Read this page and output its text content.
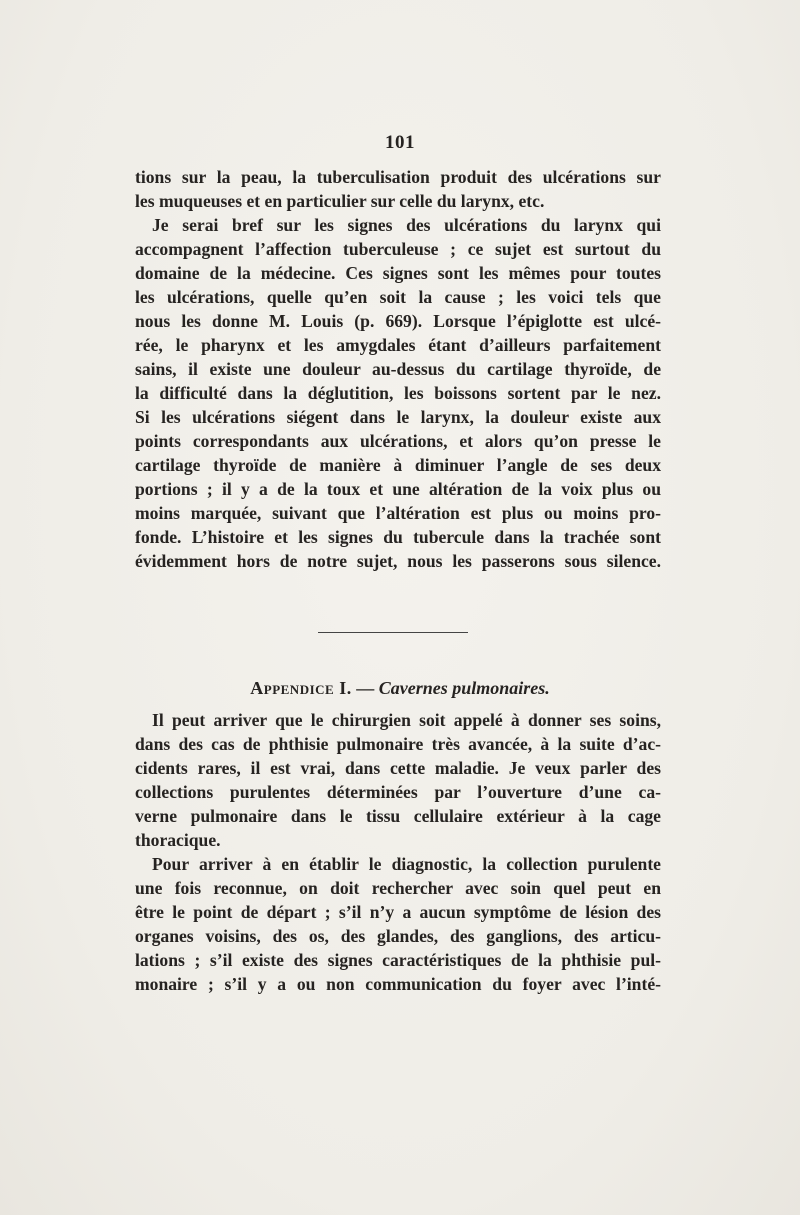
101
tions sur la peau, la tuberculisation produit des ulcérations sur
les muqueuses et en particulier sur celle du larynx, etc.
Je serai bref sur les signes des ulcérations du larynx qui
accompagnent l’affection tuberculeuse ; ce sujet est surtout du
domaine de la médecine. Ces signes sont les mêmes pour toutes
les ulcérations, quelle qu’en soit la cause ; les voici tels que
nous les donne M. Louis (p. 669). Lorsque l’épiglotte est ulcé-
rée, le pharynx et les amygdales étant d’ailleurs parfaitement
sains, il existe une douleur au-dessus du cartilage thyroïde, de
la difficulté dans la déglutition, les boissons sortent par le nez.
Si les ulcérations siégent dans le larynx, la douleur existe aux
points correspondants aux ulcérations, et alors qu’on presse le
cartilage thyroïde de manière à diminuer l’angle de ses deux
portions ; il y a de la toux et une altération de la voix plus ou
moins marquée, suivant que l’altération est plus ou moins pro-
fonde. L’histoire et les signes du tubercule dans la trachée sont
évidemment hors de notre sujet, nous les passerons sous silence.
Appendice I. — Cavernes pulmonaires.
Il peut arriver que le chirurgien soit appelé à donner ses soins,
dans des cas de phthisie pulmonaire très avancée, à la suite d’ac-
cidents rares, il est vrai, dans cette maladie. Je veux parler des
collections purulentes déterminées par l’ouverture d’une ca-
verne pulmonaire dans le tissu cellulaire extérieur à la cage
thoracique.
Pour arriver à en établir le diagnostic, la collection purulente
une fois reconnue, on doit rechercher avec soin quel peut en
être le point de départ ; s’il n’y a aucun symptôme de lésion des
organes voisins, des os, des glandes, des ganglions, des articu-
lations ; s’il existe des signes caractéristiques de la phthisie pul-
monaire ; s’il y a ou non communication du foyer avec l’inté-
